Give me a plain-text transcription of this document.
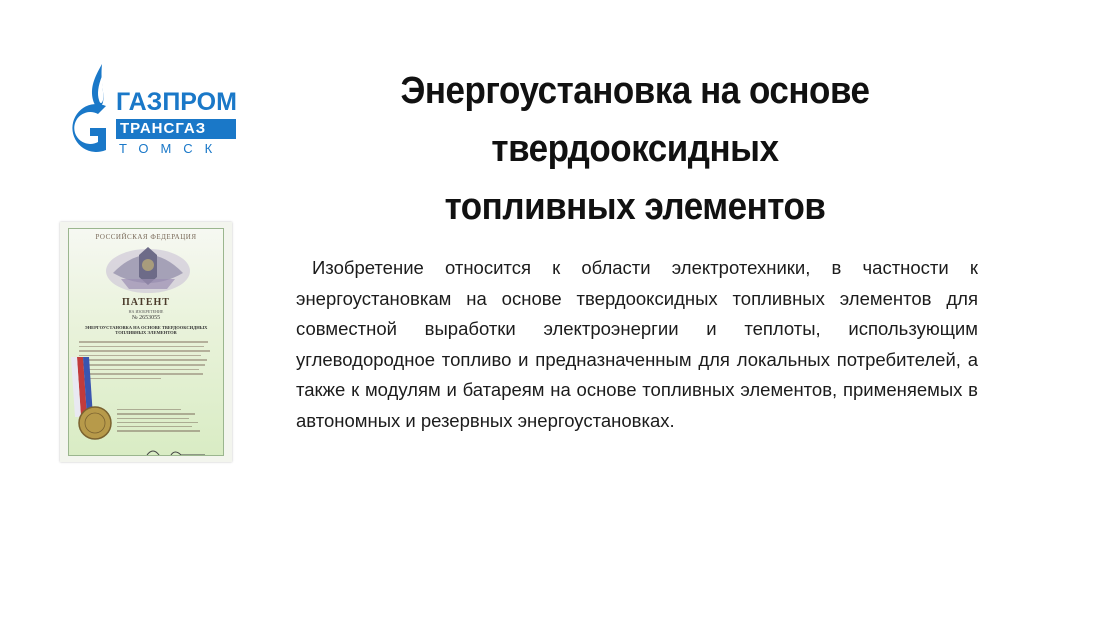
ГАЗПРОМ
ТРАНСГАЗ
ТОМСК
Энергоустановка на основе твердооксидных
топливных элементов
РОССИЙСКАЯ ФЕДЕРАЦИЯ
ПАТЕНТ
НА ИЗОБРЕТЕНИЕ
№ 2653055
ЭНЕРГОУСТАНОВКА НА ОСНОВЕ ТВЕРДООКСИДНЫХ ТОПЛИВНЫХ ЭЛЕМЕНТОВ
Изобретение относится к области электротехники, в частности к энергоустановкам на основе твердооксидных топливных элементов для совместной выработки электроэнергии и теплоты, использующим углеводородное топливо и предназначенным для локальных потребителей, а также к модулям и батареям на основе топливных элементов, применяемых в автономных и резервных энергоустановках.
